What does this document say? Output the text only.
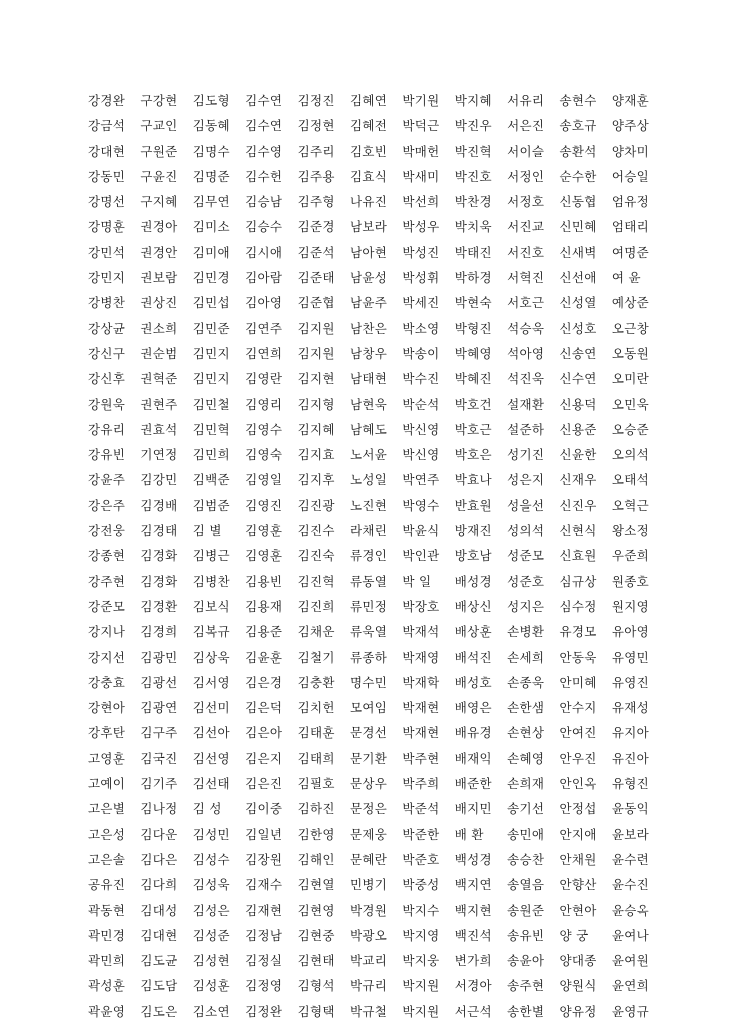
강경완	구강현	김도형	김수연	김정진	김혜연	박기원	박지혜	서유리	송현수	양재훈
강금석	구교인	김동혜	김수연	김정현	김혜전	박덕근	박진우	서은진	송호규	양주상
강대현	구원준	김명수	김수영	김주리	김호빈	박매헌	박진혁	서이슬	송환석	양차미
강동민	구윤진	김명준	김수헌	김주용	김효식	박새미	박진호	서정인	순수한	어승일
강명선	구지혜	김무연	김승남	김주형	나유진	박선희	박찬경	서정호	신동협	엄유정
강명훈	권경아	김미소	김승수	김준경	남보라	박성우	박치욱	서진교	신민혜	엄태리
강민석	권경안	김미애	김시애	김준석	남아현	박성진	박태진	서진호	신새벽	여명준
강민지	권보람	김민경	김아람	김준태	남윤성	박성휘	박하경	서혁진	신선애	여 윤
강병찬	권상진	김민섭	김아영	김준협	남윤주	박세진	박현숙	서호근	신성열	예상준
강상균	권소희	김민준	김연주	김지원	남찬은	박소영	박형진	석승욱	신성호	오근창
강신구	권순범	김민지	김연희	김지원	남창우	박송이	박혜영	석아영	신송연	오동원
강신후	권혁준	김민지	김영란	김지현	남태현	박수진	박혜진	석진욱	신수연	오미란
강원욱	권현주	김민철	김영리	김지형	남현욱	박순석	박호건	설재환	신용덕	오민욱
강유리	권효석	김민혁	김영수	김지혜	남혜도	박신영	박호근	설준하	신용준	오승준
강유빈	기연정	김민희	김영숙	김지효	노서윤	박신영	박호은	성기진	신윤한	오의석
강윤주	김강민	김백준	김영일	김지후	노성일	박연주	박효나	성은지	신재우	오태석
강은주	김경배	김범준	김영진	김진광	노진현	박영수	반효원	성을선	신진우	오혁근
강전웅	김경태	김 별	김영훈	김진수	라채린	박윤식	방재진	성의석	신현식	왕소정
강종현	김경화	김병근	김영훈	김진숙	류경인	박인관	방호남	성준모	신효원	우준희
강주현	김경화	김병찬	김용빈	김진혁	류동열	박 일	배성경	성준호	심규상	원종호
강준모	김경환	김보식	김용재	김진희	류민정	박장호	배상신	성지은	심수정	원지영
강지나	김경희	김복규	김용준	김채운	류욱열	박재석	배상훈	손병환	유경모	유아영
강지선	김광민	김상욱	김윤훈	김철기	류종하	박재영	배석진	손세희	안동욱	유영민
강충효	김광선	김서영	김은경	김충환	명수민	박재학	배성호	손종욱	안미혜	유영진
강현아	김광연	김선미	김은덕	김치헌	모여임	박재현	배영은	손한샘	안수지	유재성
강후탄	김구주	김선아	김은아	김태훈	문경선	박재현	배유경	손현상	안여진	유지아
고영훈	김국진	김선영	김은지	김태희	문기환	박주현	배재익	손혜영	안우진	유진아
고예이	김기주	김선태	김은진	김필호	문상우	박주희	배준한	손희재	안인옥	유형진
고은별	김나정	김 성	김이중	김하진	문정은	박준석	배지민	송기선	안정섭	윤동익
고은성	김다운	김성민	김일년	김한영	문제웅	박준한	배 환	송민애	안지애	윤보라
고은솔	김다은	김성수	김장원	김해인	문혜란	박준호	백성경	송승찬	안채원	윤수련
공유진	김다희	김성욱	김재수	김현열	민병기	박중성	백지연	송열음	안향산	윤수진
곽동현	김대성	김성은	김재현	김현영	박경원	박지수	백지현	송원준	안현아	윤승옥
곽민경	김대현	김성준	김정남	김현중	박광오	박지영	백진석	송유빈	양 궁	윤여나
곽민희	김도균	김성현	김정실	김현태	박교리	박지웅	변가희	송윤아	양대종	윤여원
곽성훈	김도담	김성훈	김정영	김형석	박규리	박지원	서경아	송주현	양원식	윤연희
곽윤영	김도은	김소연	김정완	김형택	박규철	박지원	서근석	송한별	양유정	윤영규
